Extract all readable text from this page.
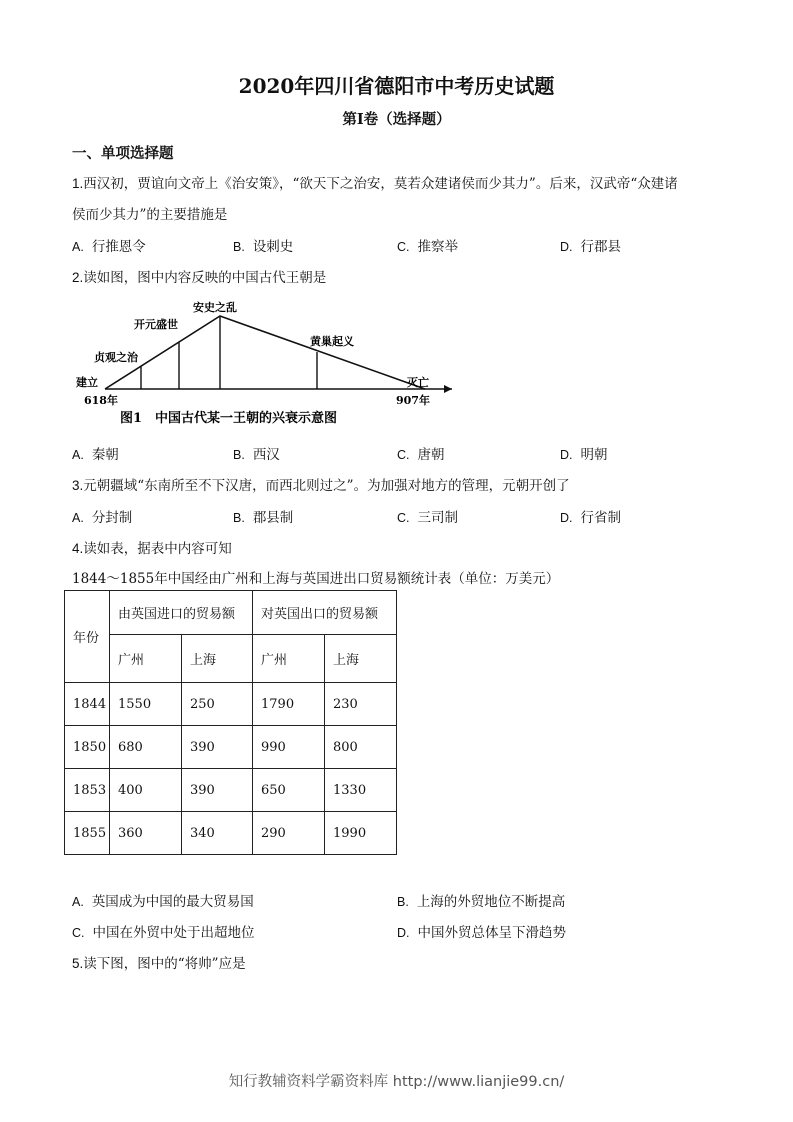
2020年四川省德阳市中考历史试题
第Ⅰ卷（选择题）
一、单项选择题
1.西汉初，贾谊向文帝上《治安策》，“欲天下之治安，莫若众建诸侯而少其力”。后来，汉武帝“众建诸
侯而少其力”的主要措施是
A. 行推恩令	B. 设刺史	C. 推察举	D. 行郡县
2.读如图，图中内容反映的中国古代王朝是
建立
618年
贞观之治
开元盛世
安史之乱
黄巢起义
灭亡
907年
图1　中国古代某一王朝的兴衰示意图
A. 秦朝	B. 西汉	C. 唐朝	D. 明朝
3.元朝疆域“东南所至不下汉唐，而西北则过之”。为加强对地方的管理，元朝开创了
A. 分封制	B. 郡县制	C. 三司制	D. 行省制
4.读如表，据表中内容可知
1844～1855年中国经由广州和上海与英国进出口贸易额统计表（单位：万美元）
年份	由英国进口的贸易额		对英国出口的贸易额	
	广州	上海	广州	上海
1844	1550	250	1790	230
1850	680	390	990	800
1853	400	390	650	1330
1855	360	340	290	1990
A. 英国成为中国的最大贸易国	B. 上海的外贸地位不断提高
C. 中国在外贸中处于出超地位	D. 中国外贸总体呈下滑趋势
5.读下图，图中的“将帅”应是
知行教辅资料学霸资料库 http://www.lianjie99.cn/
